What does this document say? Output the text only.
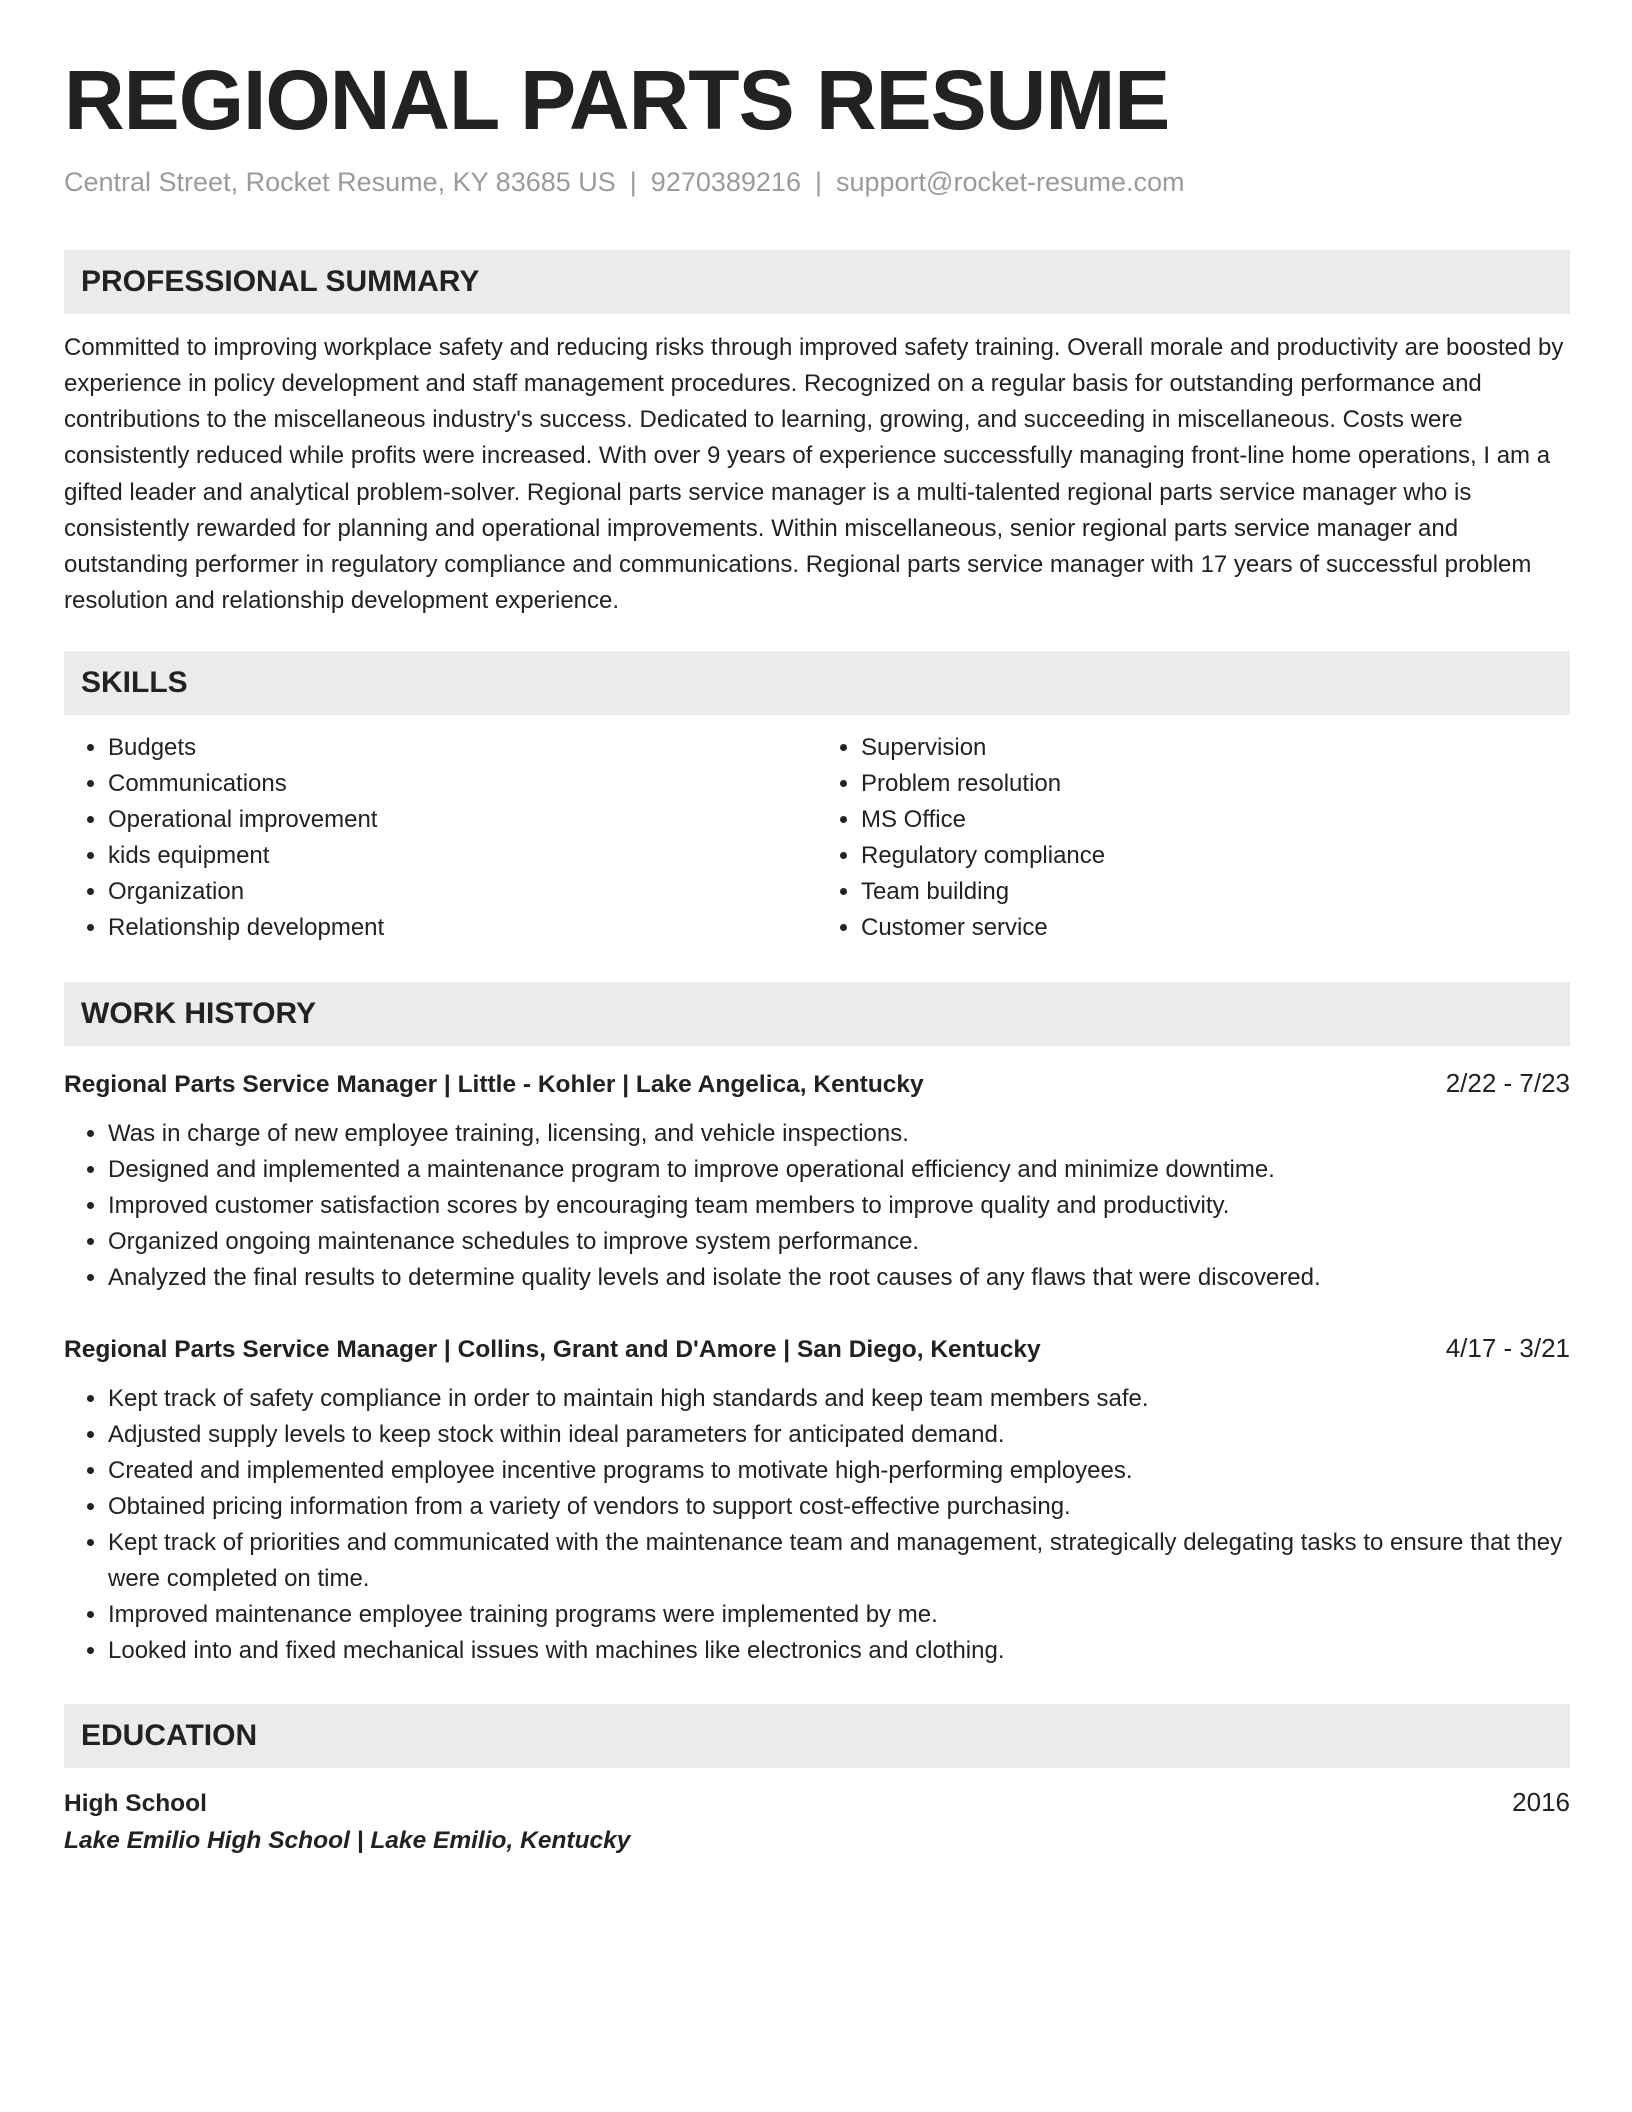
REGIONAL PARTS RESUME
Central Street, Rocket Resume, KY 83685 US | 9270389216 | support@rocket-resume.com
PROFESSIONAL SUMMARY

Committed to improving workplace safety and reducing risks through improved safety training. Overall morale and productivity are boosted by experience in policy development and staff management procedures. Recognized on a regular basis for outstanding performance and contributions to the miscellaneous industry's success. Dedicated to learning, growing, and succeeding in miscellaneous. Costs were consistently reduced while profits were increased. With over 9 years of experience successfully managing front-line home operations, I am a gifted leader and analytical problem-solver. Regional parts service manager is a multi-talented regional parts service manager who is consistently rewarded for planning and operational improvements. Within miscellaneous, senior regional parts service manager and outstanding performer in regulatory compliance and communications. Regional parts service manager with 17 years of successful problem resolution and relationship development experience.

SKILLS
• Budgets
• Communications
• Operational improvement
• kids equipment
• Organization
• Relationship development
• Supervision
• Problem resolution
• MS Office
• Regulatory compliance
• Team building
• Customer service
WORK HISTORY
Regional Parts Service Manager | Little - Kohler | Lake Angelica, Kentucky	2/22 - 7/23
• Was in charge of new employee training, licensing, and vehicle inspections.
• Designed and implemented a maintenance program to improve operational efficiency and minimize downtime.
• Improved customer satisfaction scores by encouraging team members to improve quality and productivity.
• Organized ongoing maintenance schedules to improve system performance.
• Analyzed the final results to determine quality levels and isolate the root causes of any flaws that were discovered.
Regional Parts Service Manager | Collins, Grant and D'Amore | San Diego, Kentucky	4/17 - 3/21
• Kept track of safety compliance in order to maintain high standards and keep team members safe.
• Adjusted supply levels to keep stock within ideal parameters for anticipated demand.
• Created and implemented employee incentive programs to motivate high-performing employees.
• Obtained pricing information from a variety of vendors to support cost-effective purchasing.
• Kept track of priorities and communicated with the maintenance team and management, strategically delegating tasks to ensure that they were completed on time.
• Improved maintenance employee training programs were implemented by me.
• Looked into and fixed mechanical issues with machines like electronics and clothing.
EDUCATION
High School	2016
Lake Emilio High School | Lake Emilio, Kentucky
